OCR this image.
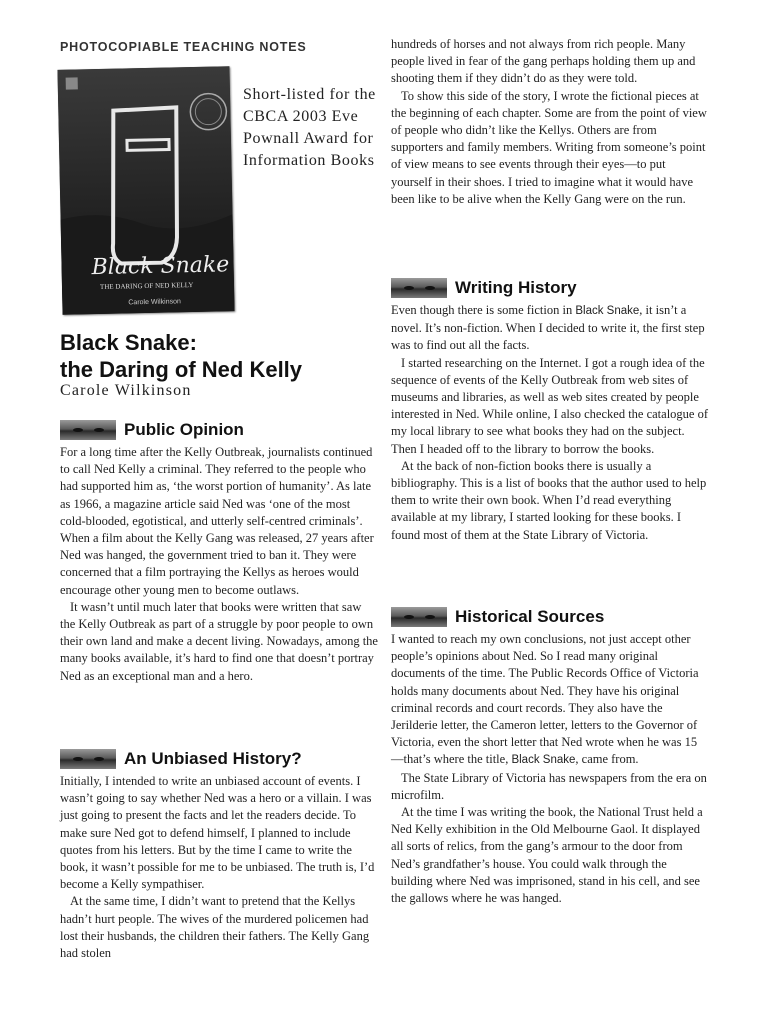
PHOTOCOPIABLE TEACHING NOTES
Black Snake
THE DARING OF NED KELLY
Carole Wilkinson
Short-listed for the CBCA 2003 Eve Pownall Award for Information Books
Black Snake:
the Daring of Ned Kelly
Carole Wilkinson
Public Opinion

For a long time after the Kelly Outbreak, journalists continued to call Ned Kelly a criminal. They referred to the people who had supported him as, ‘the worst portion of humanity’. As late as 1966, a magazine article said Ned was ‘one of the most cold-blooded, egotistical, and utterly self-centred criminals’. When a film about the Kelly Gang was released, 27 years after Ned was hanged, the government tried to ban it. They were concerned that a film portraying the Kellys as heroes would encourage other young men to become outlaws.

It wasn’t until much later that books were written that saw the Kelly Outbreak as part of a struggle by poor people to own their own land and make a decent living. Nowadays, among the many books available, it’s hard to find one that doesn’t portray Ned as an exceptional man and a hero.

An Unbiased History?

Initially, I intended to write an unbiased account of events. I wasn’t going to say whether Ned was a hero or a villain. I was just going to present the facts and let the readers decide. To make sure Ned got to defend himself, I planned to include quotes from his letters. But by the time I came to write the book, it wasn’t possible for me to be unbiased. The truth is, I’d become a Kelly sympathiser.

At the same time, I didn’t want to pretend that the Kellys hadn’t hurt people. The wives of the murdered policemen had lost their husbands, the children their fathers. The Kelly Gang had stolen

hundreds of horses and not always from rich people. Many people lived in fear of the gang perhaps holding them up and shooting them if they didn’t do as they were told.

To show this side of the story, I wrote the fictional pieces at the beginning of each chapter. Some are from the point of view of people who didn’t like the Kellys. Others are from supporters and family members. Writing from someone’s point of view means to see events through their eyes—to put yourself in their shoes. I tried to imagine what it would have been like to be alive when the Kelly Gang were on the run.

Writing History

Even though there is some fiction in Black Snake, it isn’t a novel. It’s non-fiction. When I decided to write it, the first step was to find out all the facts.

I started researching on the Internet. I got a rough idea of the sequence of events of the Kelly Outbreak from web sites of museums and libraries, as well as web sites created by people interested in Ned. While online, I also checked the catalogue of my local library to see what books they had on the subject. Then I headed off to the library to borrow the books.

At the back of non-fiction books there is usually a bibliography. This is a list of books that the author used to help them to write their own book. When I’d read everything available at my library, I started looking for these books. I found most of them at the State Library of Victoria.

Historical Sources

I wanted to reach my own conclusions, not just accept other people’s opinions about Ned. So I read many original documents of the time. The Public Records Office of Victoria holds many documents about Ned. They have his original criminal records and court records. They also have the Jerilderie letter, the Cameron letter, letters to the Governor of Victoria, even the short letter that Ned wrote when he was 15—that’s where the title, Black Snake, came from.

The State Library of Victoria has newspapers from the era on microfilm.

At the time I was writing the book, the National Trust held a Ned Kelly exhibition in the Old Melbourne Gaol. It displayed all sorts of relics, from the gang’s armour to the door from Ned’s grandfather’s house. You could walk through the building where Ned was imprisoned, stand in his cell, and see the gallows where he was hanged.
